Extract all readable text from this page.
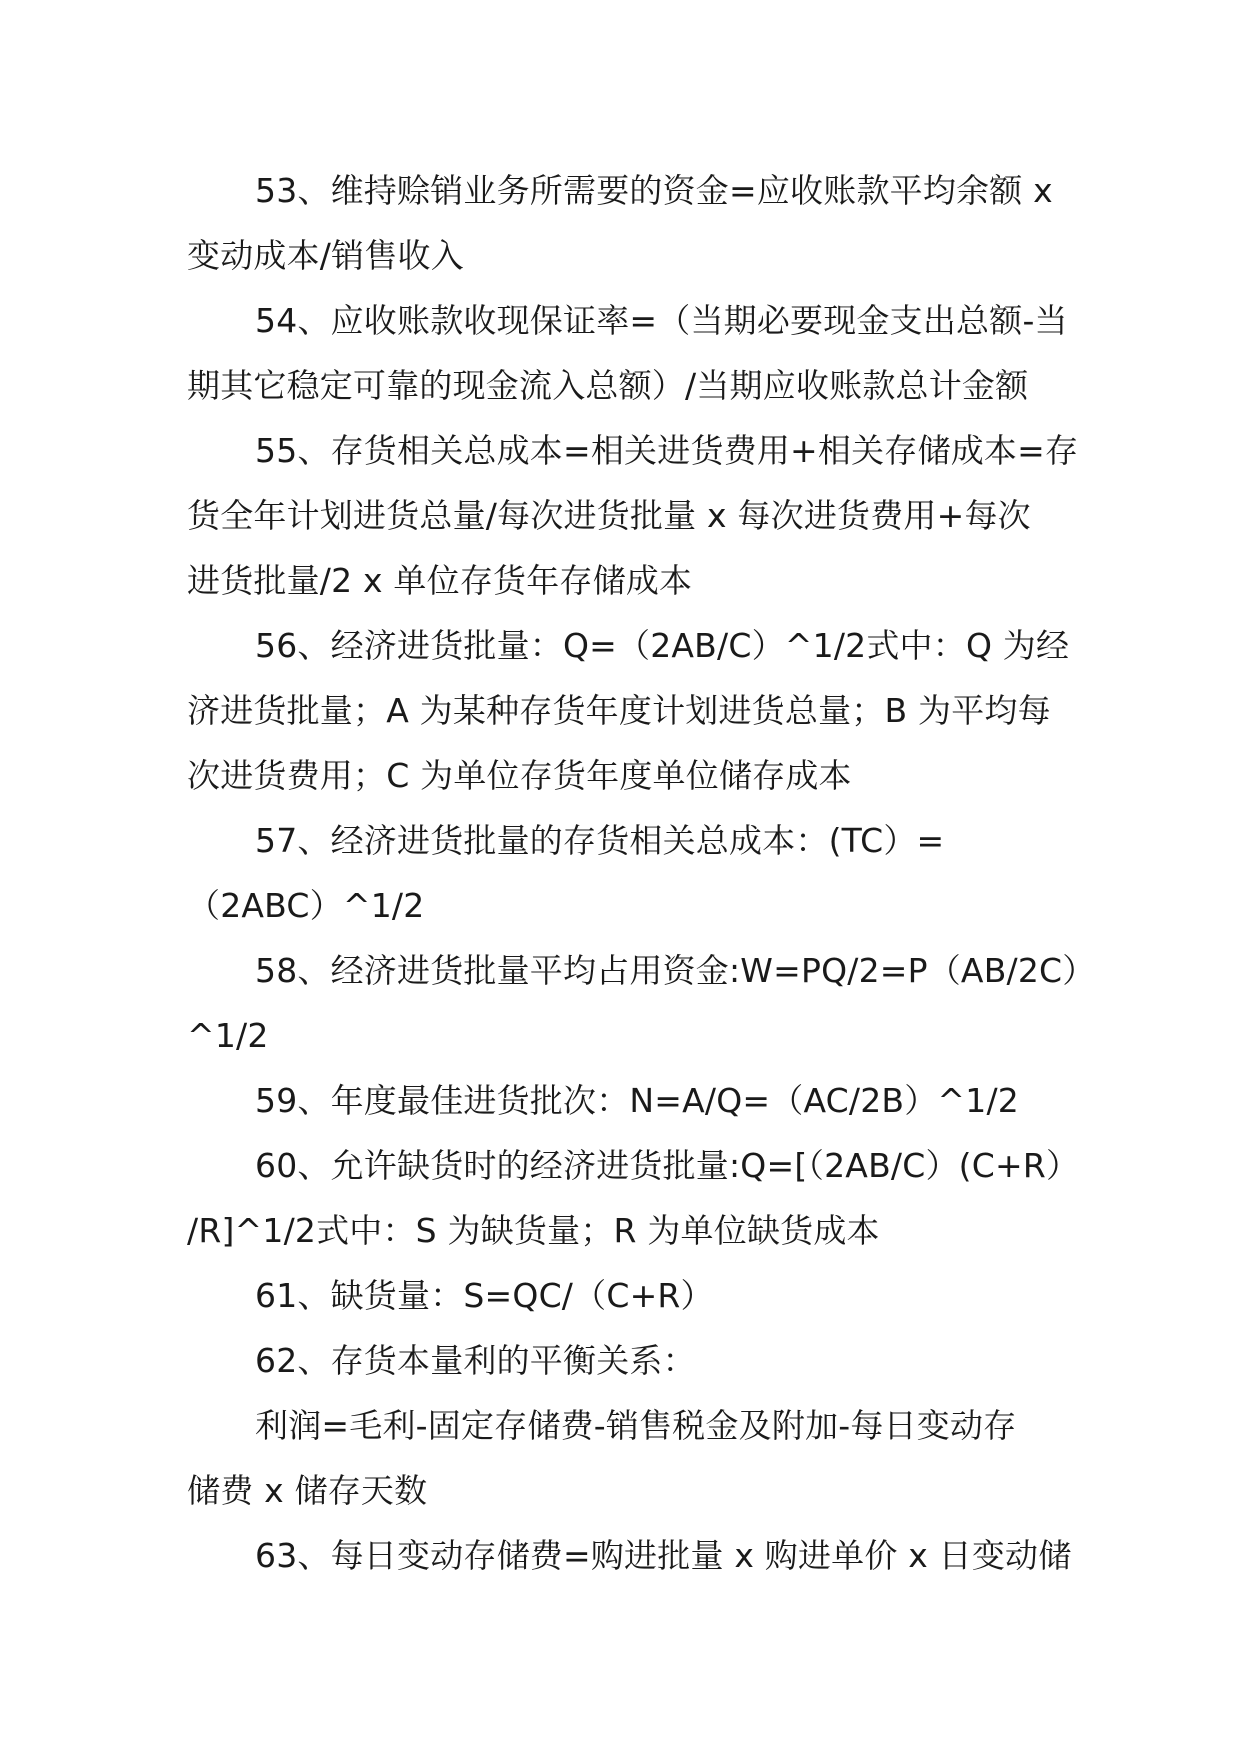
53、维持赊销业务所需要的资金=应收账款平均余额 x
变动成本/销售收入

54、应收账款收现保证率=（当期必要现金支出总额-当
期其它稳定可靠的现金流入总额）/当期应收账款总计金额

55、存货相关总成本=相关进货费用+相关存储成本=存
货全年计划进货总量/每次进货批量 x 每次进货费用+每次
进货批量/2 x 单位存货年存储成本

56、经济进货批量：Q=（2AB/C）^1/2式中：Q 为经
济进货批量；A 为某种存货年度计划进货总量；B 为平均每
次进货费用；C 为单位存货年度单位储存成本

57、经济进货批量的存货相关总成本：(TC）=
（2ABC）^1/2

58、经济进货批量平均占用资金:W=PQ/2=P（AB/2C）
^1/2

59、年度最佳进货批次：N=A/Q=（AC/2B）^1/2

60、允许缺货时的经济进货批量:Q=[（2AB/C）(C+R）
/R]^1/2式中：S 为缺货量；R 为单位缺货成本

61、缺货量：S=QC/（C+R）

62、存货本量利的平衡关系：

利润=毛利-固定存储费-销售税金及附加-每日变动存
储费 x 储存天数

63、每日变动存储费=购进批量 x 购进单价 x 日变动储
